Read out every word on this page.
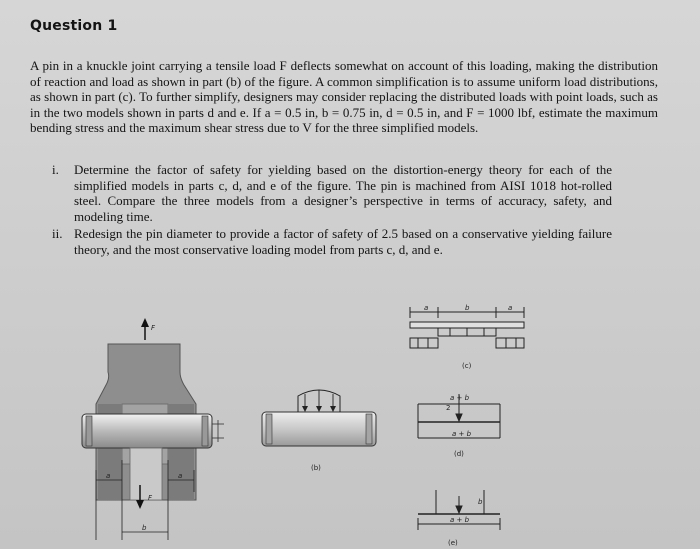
Question 1
A pin in a knuckle joint carrying a tensile load F deflects somewhat on account of this loading, making the distribution of reaction and load as shown in part (b) of the figure. A common simplification is to assume uniform load distributions, as shown in part (c). To further simplify, designers may consider replacing the distributed loads with point loads, such as in the two models shown in parts d and e. If a = 0.5 in, b = 0.75 in, d = 0.5 in, and F = 1000 lbf, estimate the maximum bending stress and the maximum shear stress due to V for the three simplified models.
i.	Determine the factor of safety for yielding based on the distortion-energy theory for each of the simplified models in parts c, d, and e of the figure. The pin is machined from AISI 1018 hot-rolled steel. Compare the three models from a designer’s perspective in terms of accuracy, safety, and modeling time.
ii. Redesign the pin diameter to provide a factor of safety of 2.5 based on a conservative yielding failure theory, and the most conservative loading model from parts c, d, and e.
F
a	a
b
F
(b)
a	b	a
(c)
a + b
2
a + b
(d)
b
a + b
(e)
